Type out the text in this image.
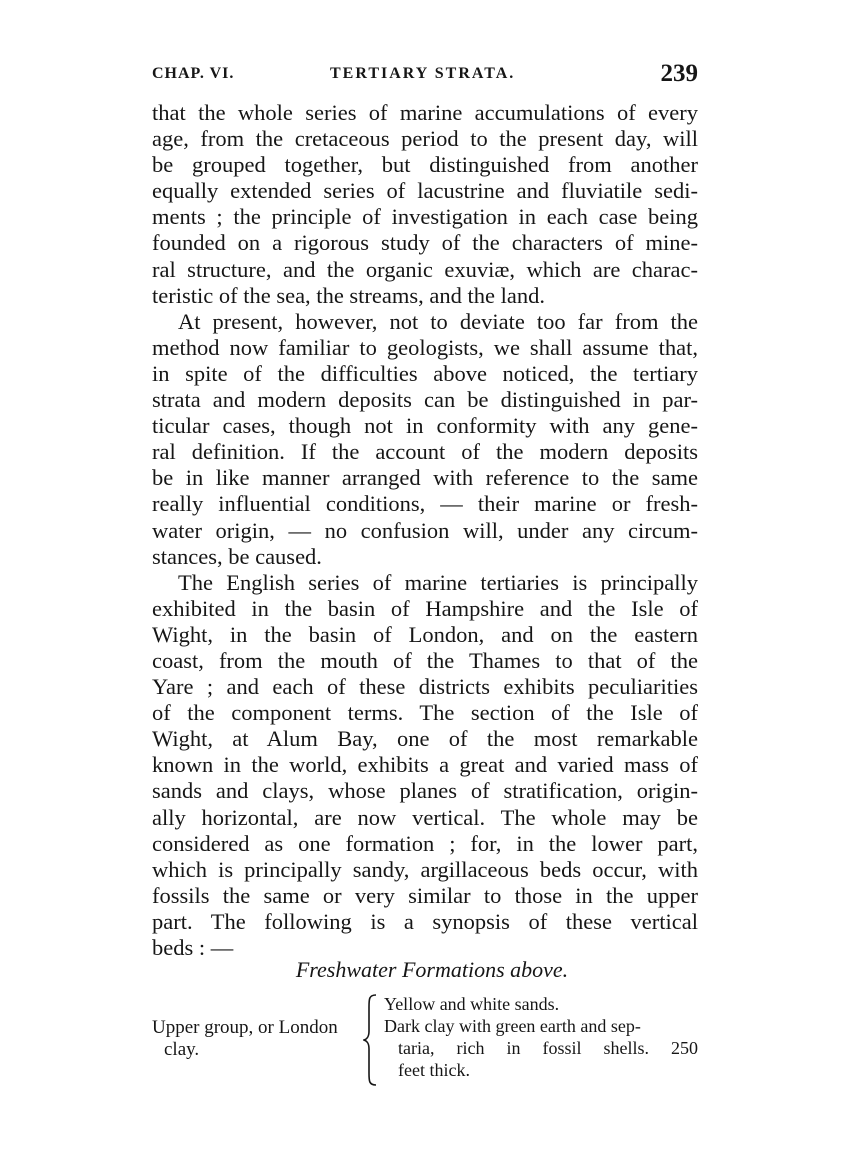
CHAP. VI.	TERTIARY STRATA.	239
that the whole series of marine accumulations of every
age, from the cretaceous period to the present day, will
be grouped together, but distinguished from another
equally extended series of lacustrine and fluviatile sedi-
ments ; the principle of investigation in each case being
founded on a rigorous study of the characters of mine-
ral structure, and the organic exuviæ, which are charac-
teristic of the sea, the streams, and the land.
At present, however, not to deviate too far from the
method now familiar to geologists, we shall assume that,
in spite of the difficulties above noticed, the tertiary
strata and modern deposits can be distinguished in par-
ticular cases, though not in conformity with any gene-
ral definition. If the account of the modern deposits
be in like manner arranged with reference to the same
really influential conditions, — their marine or fresh-
water origin, — no confusion will, under any circum-
stances, be caused.
The English series of marine tertiaries is principally
exhibited in the basin of Hampshire and the Isle of
Wight, in the basin of London, and on the eastern
coast, from the mouth of the Thames to that of the
Yare ; and each of these districts exhibits peculiarities
of the component terms. The section of the Isle of
Wight, at Alum Bay, one of the most remarkable
known in the world, exhibits a great and varied mass of
sands and clays, whose planes of stratification, origin-
ally horizontal, are now vertical. The whole may be
considered as one formation ; for, in the lower part,
which is principally sandy, argillaceous beds occur, with
fossils the same or very similar to those in the upper
part. The following is a synopsis of these vertical
beds : —
Freshwater Formations above.
Upper group, or London
clay.
Yellow and white sands.
Dark clay with green earth and sep-
taria, rich in fossil shells. 250
feet thick.
